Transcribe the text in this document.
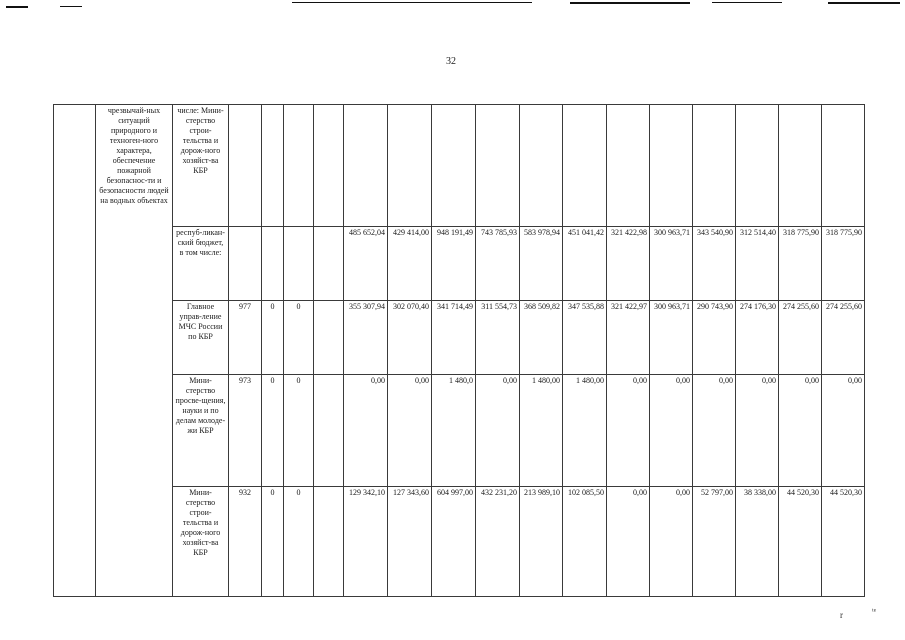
32
	чрезвычай-ных ситуаций природного и техноген-ного характера, обеспечение пожарной безопаснос-ти и безопасности людей на водных объектах	числе: Мини-стерство строи-тельства и дорож-ного хозяйст-ва КБР																
		респуб-ликан-ский бюджет, в том числе:					485 652,04	429 414,00	948 191,49	743 785,93	583 978,94	451 041,42	321 422,98	300 963,71	343 540,90	312 514,40	318 775,90	318 775,90
		Главное управ-ление МЧС России по КБР	977	0	0		355 307,94	302 070,40	341 714,49	311 554,73	368 509,82	347 535,88	321 422,97	300 963,71	290 743,90	274 176,30	274 255,60	274 255,60
		Мини-стерство просве-щения, науки и по делам молоде-жи КБР	973	0	0		0,00	0,00	1 480,0	0,00	1 480,00	1 480,00	0,00	0,00	0,00	0,00	0,00	0,00
		Мини-стерство строи-тельства и дорож-ного хозяйст-ва КБР	932	0	0		129 342,10	127 343,60	604 997,00	432 231,20	213 989,10	102 085,50	0,00	0,00	52 797,00	38 338,00	44 520,30	44 520,30
r	ᵗᵉ
